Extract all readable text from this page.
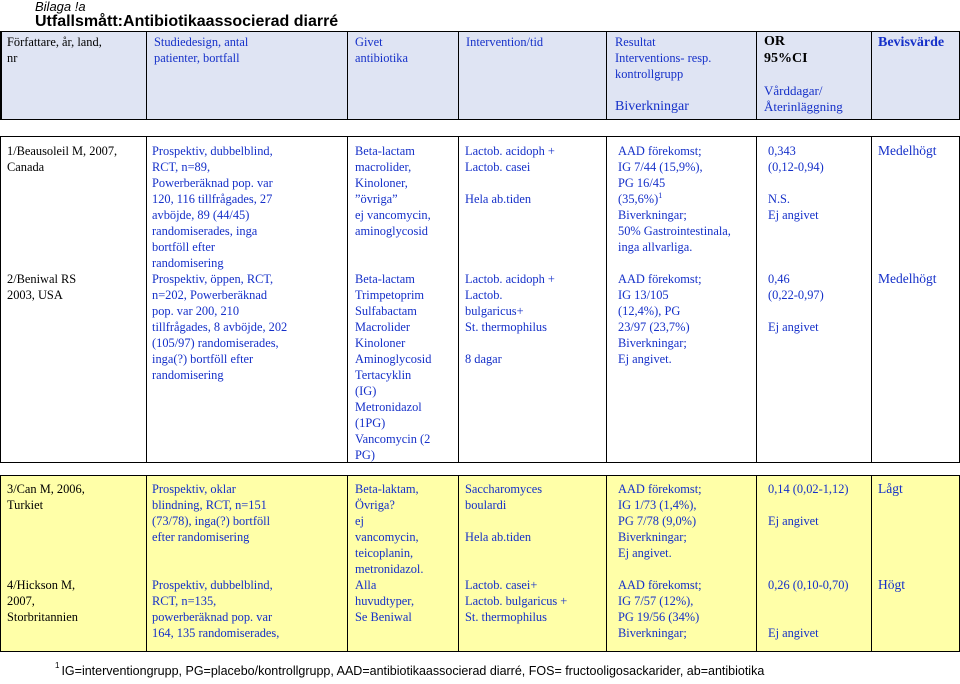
Bilaga !a
Utfallsmått:Antibiotikaassocierad diarré
Författare, år, land,
nr
Studiedesign, antal
patienter, bortfall
Givet
antibiotika
Intervention/tid	Resultat
Interventions- resp.
kontrollgrupp
Biverkningar
OR
95%CI
Vårddagar/
Återinläggning
Bevisvärde
1/Beausoleil M, 2007,
Canada
Prospektiv, dubbelblind,
RCT, n=89,
Powerberäknad pop. var
120, 116 tillfrågades, 27
avböjde, 89 (44/45)
randomiserades, inga
bortföll efter
randomisering
Beta-lactam
macrolider,
Kinoloner,
”övriga”
ej vancomycin,
aminoglycosid
Lactob. acidoph +
Lactob. casei
Hela ab.tiden
AAD förekomst;
IG 7/44 (15,9%),
PG 16/45
$(35,6\%)^1$
Biverkningar;
50% Gastrointestinala,
inga allvarliga.
0,343
(0,12-0,94)
N.S.
Ej angivet
Medelhögt
2/Beniwal RS
2003, USA
Prospektiv, öppen, RCT,
n=202, Powerberäknad
pop. var 200, 210
tillfrågades, 8 avböjde, 202
(105/97) randomiserades,
inga(?) bortföll efter
randomisering
Beta-lactam
Trimpetoprim
Sulfabactam
Macrolider
Kinoloner
Aminoglycosid
Tertacyklin
(IG)
Metronidazol
(1PG)
Vancomycin (2
PG)
Lactob. acidoph +
Lactob.
bulgaricus+
St. thermophilus
8 dagar
AAD förekomst;
IG 13/105
(12,4%), PG
23/97 (23,7%)
Biverkningar;
Ej angivet.
0,46
(0,22-0,97)
Ej angivet
Medelhögt
3/Can M, 2006,
Turkiet
Prospektiv, oklar
blindning, RCT, n=151
(73/78), inga(?) bortföll
efter randomisering
Beta-laktam,
Övriga?
ej
vancomycin,
teicoplanin,
metronidazol.
Saccharomyces
boulardi
Hela ab.tiden
AAD förekomst;
IG 1/73 (1,4%),
PG 7/78 (9,0%)
Biverkningar;
Ej angivet.
0,14 (0,02-1,12)
Ej angivet
Lågt
4/Hickson M,
2007,
Storbritannien
Prospektiv, dubbelblind,
RCT, n=135,
powerberäknad pop. var
164, 135 randomiserades,
Alla
huvudtyper,
Se Beniwal
Lactob. casei+
Lactob. bulgaricus +
St. thermophilus
AAD förekomst;
IG 7/57 (12%),
PG 19/56 (34%)
Biverkningar;
0,26 (0,10-0,70)
Ej angivet
Högt
$^1$ IG=interventiongrupp, PG=placebo/kontrollgrupp, AAD=antibiotikaassocierad diarré, FOS= fructooligosackarider, ab=antibiotika
